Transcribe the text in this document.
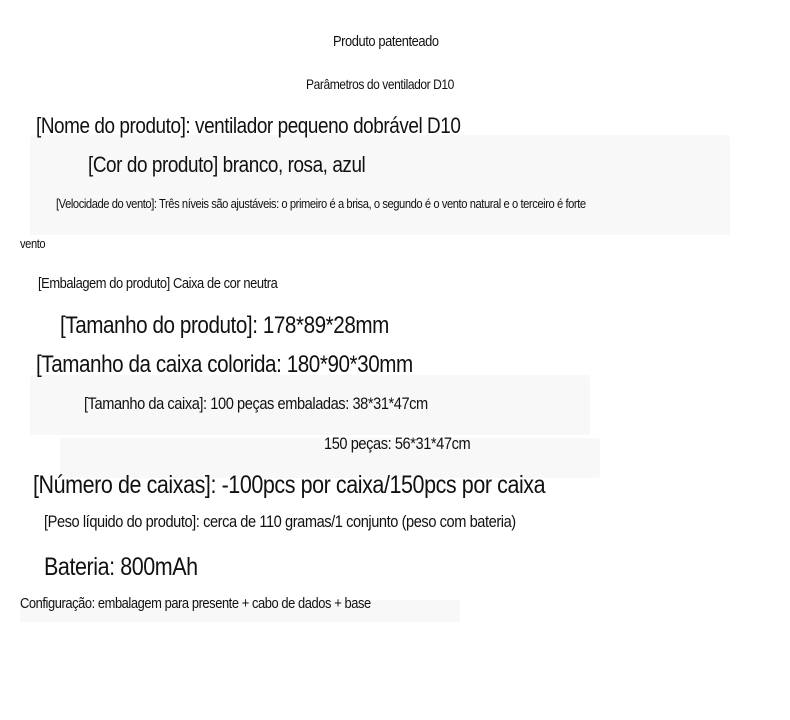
Produto patenteado
Parâmetros do ventilador D10
[Nome do produto]: ventilador pequeno dobrável D10
[Cor do produto] branco, rosa, azul
[Velocidade do vento]: Três níveis são ajustáveis: o primeiro é a brisa, o segundo é o vento natural e o terceiro é forte
vento
[Embalagem do produto] Caixa de cor neutra
[Tamanho do produto]: 178*89*28mm
[Tamanho da caixa colorida: 180*90*30mm
[Tamanho da caixa]: 100 peças embaladas: 38*31*47cm
150 peças: 56*31*47cm
[Número de caixas]: -100pcs por caixa/150pcs por caixa
[Peso líquido do produto]: cerca de 110 gramas/1 conjunto (peso com bateria)
Bateria: 800mAh
Configuração: embalagem para presente + cabo de dados + base
